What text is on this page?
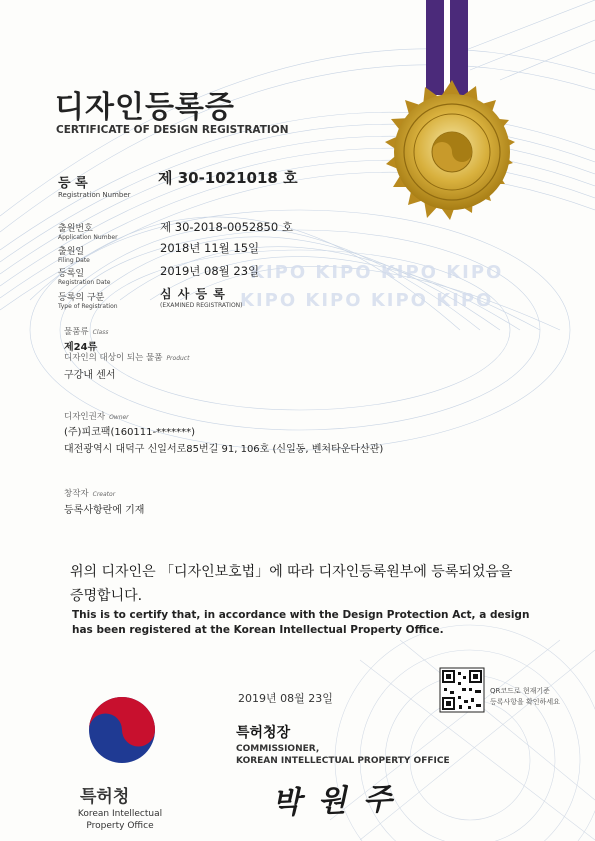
KIPO KIPO KIPO KIPO
KIPO KIPO KIPO KIPO
디자인등록증
CERTIFICATE OF DESIGN REGISTRATION
등 록
Registration Number
제 30-1021018 호
출원번호
Application Number
제 30-2018-0052850 호
출원일
Filing Date
2018년 11월 15일
등록일
Registration Date
2019년 08월 23일
등록의 구분
Type of Registration
심 사 등 록
(EXAMINED REGISTRATION)
물품류 Class
제24류
디자인의 대상이 되는 물품 Product
구강내 센서
디자인권자 Owner
(주)피코팩(160111-*******)
대전광역시 대덕구 신일서로85번길 91, 106호 (신일동, 벤처타운다산관)
창작자 Creator
등록사항란에 기재
위의 디자인은 「디자인보호법」에 따라 디자인등록원부에 등록되었음을
증명합니다.
This is to certify that, in accordance with the Design Protection Act, a design
has been registered at the Korean Intellectual Property Office.
2019년 08월 23일
QR코드로 현재기준
등록사항을 확인하세요
특허청장
COMMISSIONER,
KOREAN INTELLECTUAL PROPERTY OFFICE
박 원 주
특허청
Korean Intellectual Property Office
